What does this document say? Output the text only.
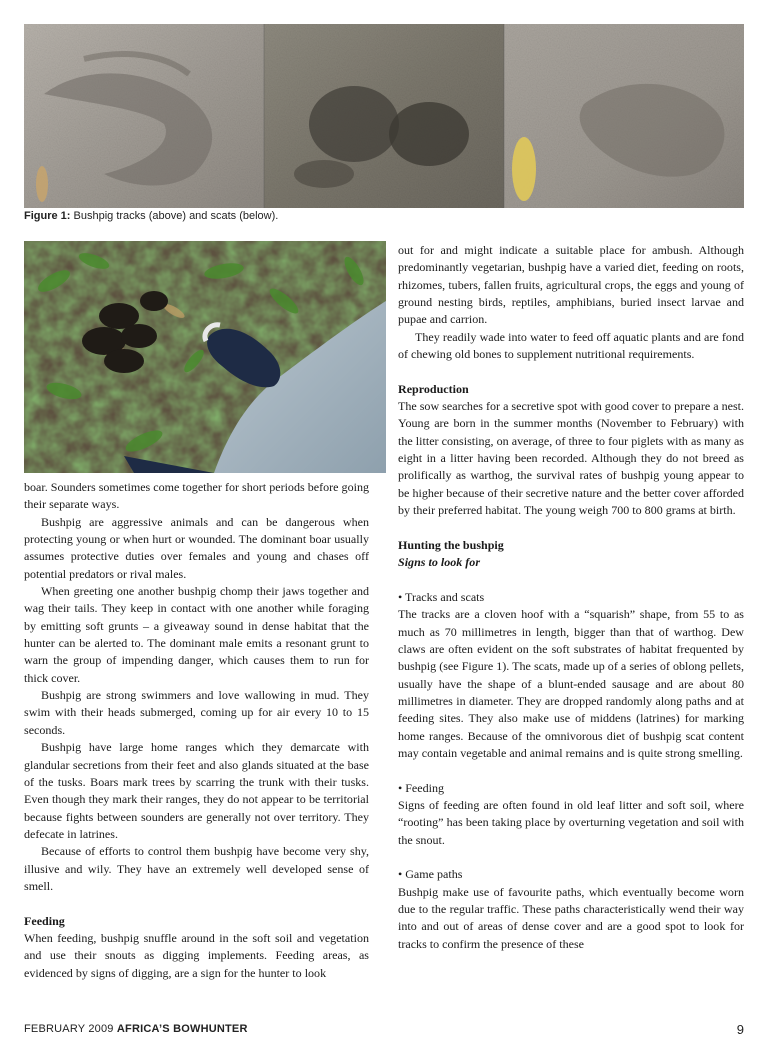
Figure 1: Bushpig tracks (above) and scats (below).

boar. Sounders sometimes come together for short periods before going their separate ways.

Bushpig are aggressive animals and can be dangerous when protecting young or when hurt or wounded. The dominant boar usually assumes protective duties over females and young and chases off potential predators or rival males.

When greeting one another bushpig chomp their jaws together and wag their tails. They keep in contact with one another while foraging by emitting soft grunts – a giveaway sound in dense habitat that the hunter can be alerted to. The dominant male emits a resonant grunt to warn the group of impending danger, which causes them to run for thick cover.

Bushpig are strong swimmers and love wallowing in mud. They swim with their heads submerged, coming up for air every 10 to 15 seconds.

Bushpig have large home ranges which they demarcate with glandular secretions from their feet and also glands situated at the base of the tusks. Boars mark trees by scarring the trunk with their tusks. Even though they mark their ranges, they do not appear to be territorial because fights between sounders are generally not over territory. They defecate in latrines.

Because of efforts to control them bushpig have become very shy, illusive and wily. They have an extremely well developed sense of smell.

Feeding

When feeding, bushpig snuffle around in the soft soil and vegetation and use their snouts as digging implements. Feeding areas, as evidenced by signs of digging, are a sign for the hunter to look

out for and might indicate a suitable place for ambush. Although predominantly vegetarian, bushpig have a varied diet, feeding on roots, rhizomes, tubers, fallen fruits, agricultural crops, the eggs and young of ground nesting birds, reptiles, amphibians, buried insect larvae and pupae and carrion.

They readily wade into water to feed off aquatic plants and are fond of chewing old bones to supplement nutritional requirements.

Reproduction

The sow searches for a secretive spot with good cover to prepare a nest. Young are born in the summer months (November to February) with the litter consisting, on average, of three to four piglets with as many as eight in a litter having been recorded. Although they do not breed as prolifically as warthog, the survival rates of bushpig young appear to be higher because of their secretive nature and the better cover afforded by their preferred habitat. The young weigh 700 to 800 grams at birth.

Hunting the bushpig
Signs to look for

• Tracks and scats

The tracks are a cloven hoof with a “squarish” shape, from 55 to as much as 70 millimetres in length, bigger than that of warthog. Dew claws are often evident on the soft substrates of habitat frequented by bushpig (see Figure 1). The scats, made up of a series of oblong pellets, usually have the shape of a blunt-ended sausage and are about 80 millimetres in diameter. They are dropped randomly along paths and at feeding sites. They also make use of middens (latrines) for marking home ranges. Because of the omnivorous diet of bushpig scat content may contain vegetable and animal remains and is quite strong smelling.

• Feeding

Signs of feeding are often found in old leaf litter and soft soil, where “rooting” has been taking place by overturning vegetation and soil with the snout.

• Game paths

Bushpig make use of favourite paths, which eventually become worn due to the regular traffic. These paths characteristically wend their way into and out of areas of dense cover and are a good spot to look for tracks to confirm the presence of these

FEBRUARY 2009 AFRICA’S BOWHUNTER	9
